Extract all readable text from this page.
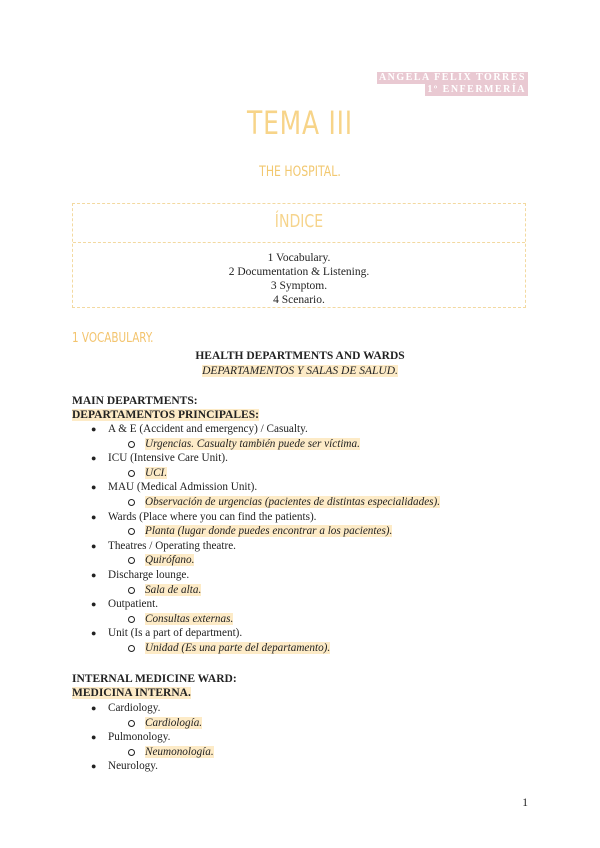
ANGELA FELIX TORRES
1º ENFERMERÍA
TEMA III
THE HOSPITAL.
ÍNDICE
1 Vocabulary.
2 Documentation & Listening.
3 Symptom.
4 Scenario.
1 VOCABULARY.
HEALTH DEPARTMENTS AND WARDS
DEPARTAMENTOS Y SALAS DE SALUD.
MAIN DEPARTMENTS:
DEPARTAMENTOS PRINCIPALES:
● A & E (Accident and emergency) / Casualty.
Urgencias. Casualty también puede ser víctima.
● ICU (Intensive Care Unit).
UCI.
● MAU (Medical Admission Unit).
Observación de urgencias (pacientes de distintas especialidades).
● Wards (Place where you can find the patients).
Planta (lugar donde puedes encontrar a los pacientes).
● Theatres / Operating theatre.
Quirófano.
● Discharge lounge.
Sala de alta.
● Outpatient.
Consultas externas.
● Unit (Is a part of department).
Unidad (Es una parte del departamento).
INTERNAL MEDICINE WARD:
MEDICINA INTERNA.
● Cardiology.
Cardiología.
● Pulmonology.
Neumonología.
● Neurology.
1
